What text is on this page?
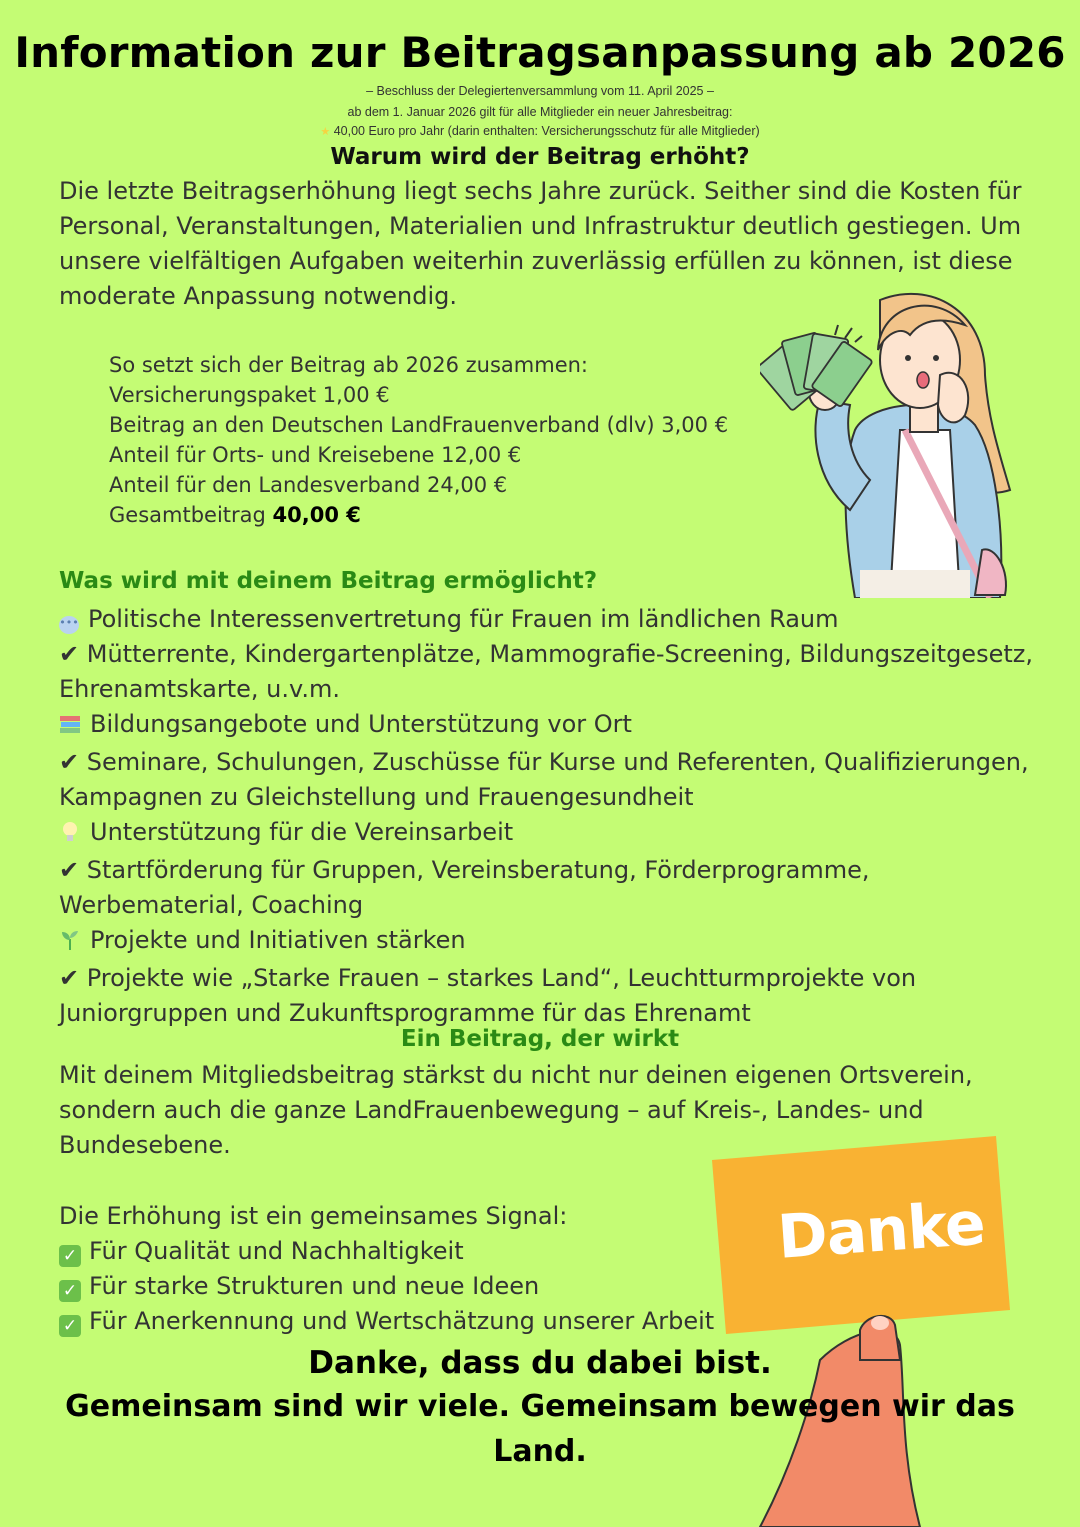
Information zur Beitragsanpassung ab 2026
– Beschluss der Delegiertenversammlung vom 11. April 2025 –
ab dem 1. Januar 2026 gilt für alle Mitglieder ein neuer Jahresbeitrag:
★ 40,00 Euro pro Jahr (darin enthalten: Versicherungsschutz für alle Mitglieder)
Warum wird der Beitrag erhöht?
Die letzte Beitragserhöhung liegt sechs Jahre zurück. Seither sind die Kosten für
Personal, Veranstaltungen, Materialien und Infrastruktur deutlich gestiegen. Um
unsere vielfältigen Aufgaben weiterhin zuverlässig erfüllen zu können, ist diese
moderate Anpassung notwendig.
So setzt sich der Beitrag ab 2026 zusammen:
Versicherungspaket 1,00 €
Beitrag an den Deutschen LandFrauenverband (dlv) 3,00 €
Anteil für Orts- und Kreisebene 12,00 €
Anteil für den Landesverband 24,00 €
Gesamtbeitrag 40,00 €
Was wird mit deinem Beitrag ermöglicht?
••• Politische Interessenvertretung für Frauen im ländlichen Raum
✔ Mütterrente, Kindergartenplätze, Mammografie-Screening, Bildungszeitgesetz,
Ehrenamtskarte, u.v.m.
Bildungsangebote und Unterstützung vor Ort
✔ Seminare, Schulungen, Zuschüsse für Kurse und Referenten, Qualifizierungen,
Kampagnen zu Gleichstellung und Frauengesundheit
Unterstützung für die Vereinsarbeit
✔ Startförderung für Gruppen, Vereinsberatung, Förderprogramme,
Werbematerial, Coaching
Projekte und Initiativen stärken
✔ Projekte wie „Starke Frauen – starkes Land“, Leuchtturmprojekte von
Juniorgruppen und Zukunftsprogramme für das Ehrenamt
Ein Beitrag, der wirkt
Mit deinem Mitgliedsbeitrag stärkst du nicht nur deinen eigenen Ortsverein,
sondern auch die ganze LandFrauenbewegung – auf Kreis-, Landes- und
Bundesebene.
Die Erhöhung ist ein gemeinsames Signal:
✓ Für Qualität und Nachhaltigkeit
✓ Für starke Strukturen und neue Ideen
✓ Für Anerkennung und Wertschätzung unserer Arbeit
Danke
Danke, dass du dabei bist.
Gemeinsam sind wir viele. Gemeinsam bewegen wir das
Land.
